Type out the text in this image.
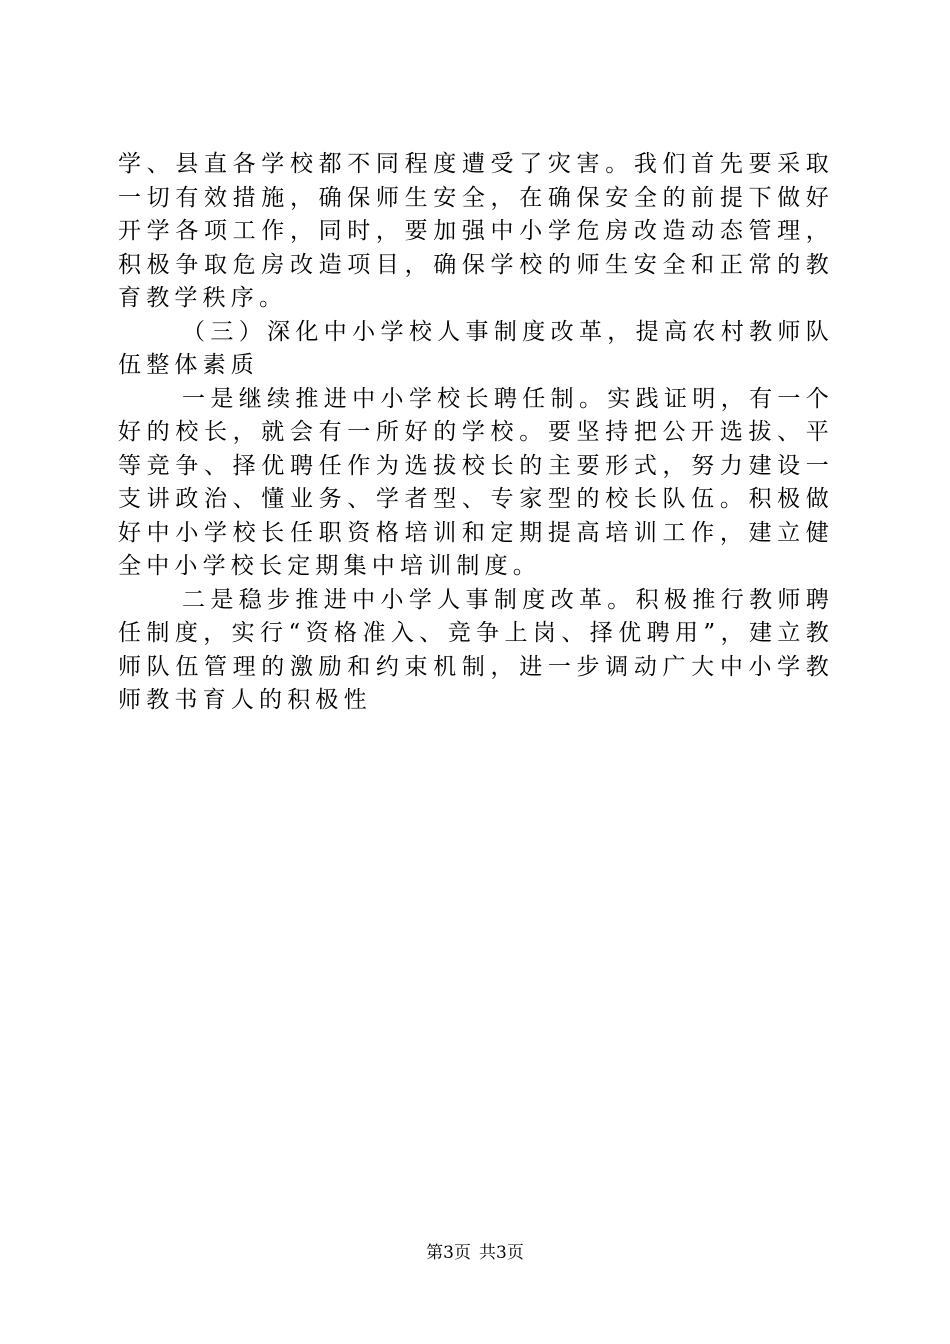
学、县直各学校都不同程度遭受了灾害。我们首先要采取一切有效措施，确保师生安全，在确保安全的前提下做好开学各项工作，同时，要加强中小学危房改造动态管理，积极争取危房改造项目，确保学校的师生安全和正常的教育教学秩序。

（三）深化中小学校人事制度改革，提高农村教师队伍整体素质

一是继续推进中小学校长聘任制。实践证明，有一个好的校长，就会有一所好的学校。要坚持把公开选拔、平等竞争、择优聘任作为选拔校长的主要形式，努力建设一支讲政治、懂业务、学者型、专家型的校长队伍。积极做好中小学校长任职资格培训和定期提高培训工作，建立健全中小学校长定期集中培训制度。

二是稳步推进中小学人事制度改革。积极推行教师聘任制度，实行“资格准入、竞争上岗、择优聘用”，建立教师队伍管理的激励和约束机制，进一步调动广大中小学教师教书育人的积极性

第3页 共3页
